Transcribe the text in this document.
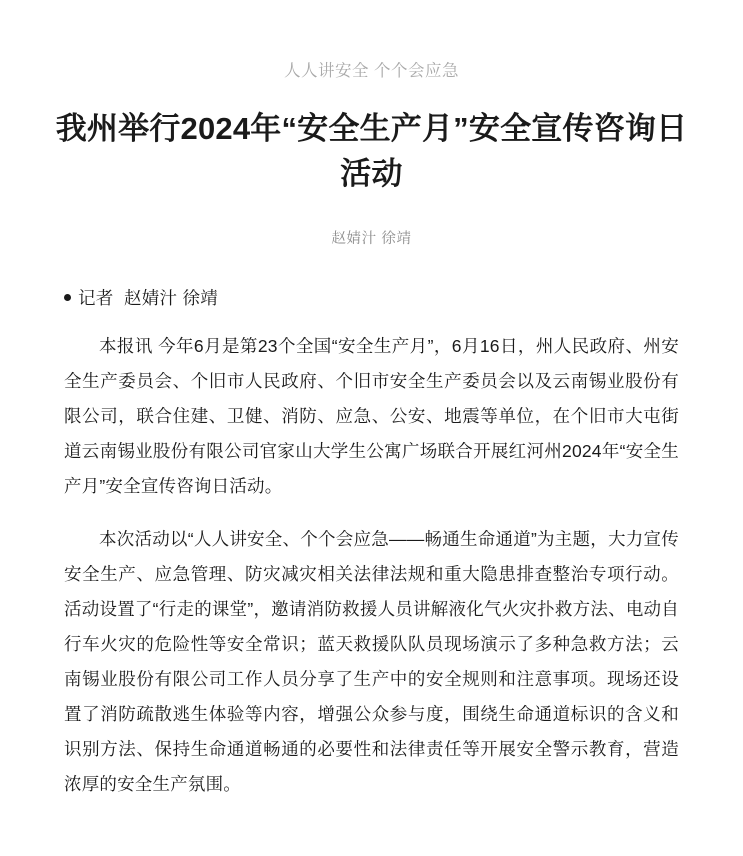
人人讲安全 个个会应急
我州举行2024年“安全生产月”安全宣传咨询日活动
赵婧汁 徐靖
记者 赵婧汁 徐靖

本报讯 今年6月是第23个全国“安全生产月”，6月16日，州人民政府、州安全生产委员会、个旧市人民政府、个旧市安全生产委员会以及云南锡业股份有限公司，联合住建、卫健、消防、应急、公安、地震等单位，在个旧市大屯街道云南锡业股份有限公司官家山大学生公寓广场联合开展红河州2024年“安全生产月”安全宣传咨询日活动。

本次活动以“人人讲安全、个个会应急——畅通生命通道”为主题，大力宣传安全生产、应急管理、防灾减灾相关法律法规和重大隐患排查整治专项行动。活动设置了“行走的课堂”，邀请消防救援人员讲解液化气火灾扑救方法、电动自行车火灾的危险性等安全常识；蓝天救援队队员现场演示了多种急救方法；云南锡业股份有限公司工作人员分享了生产中的安全规则和注意事项。现场还设置了消防疏散逃生体验等内容，增强公众参与度，围绕生命通道标识的含义和识别方法、保持生命通道畅通的必要性和法律责任等开展安全警示教育，营造浓厚的安全生产氛围。
